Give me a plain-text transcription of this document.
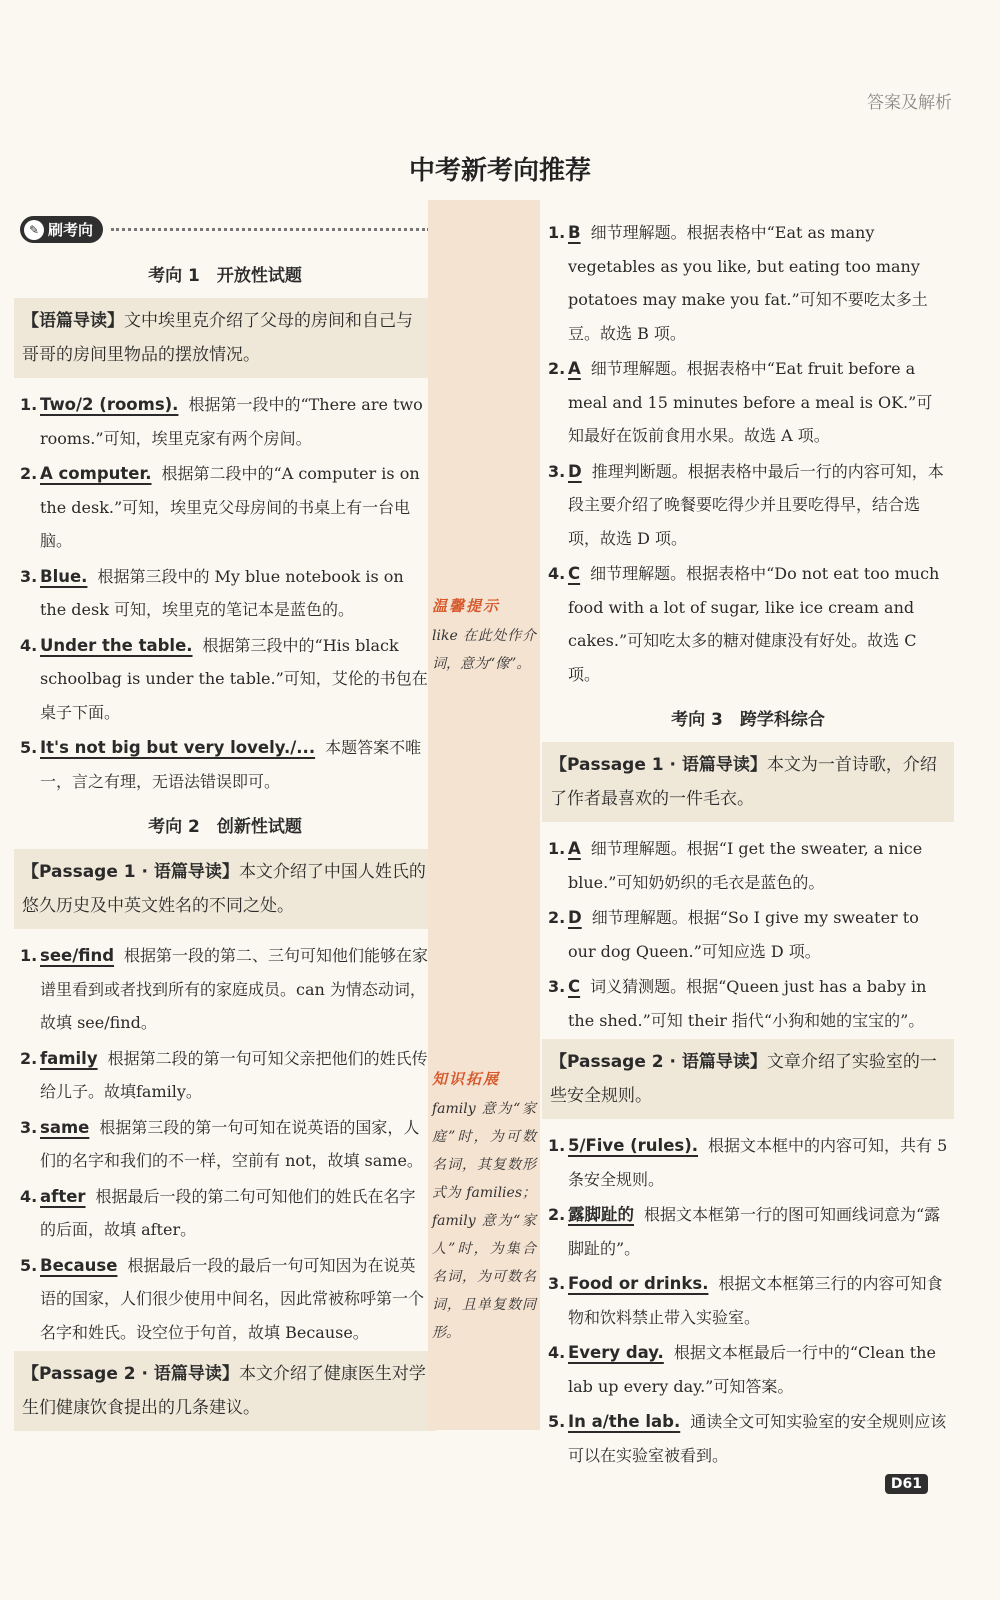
答案及解析
中考新考向推荐
✎ 刷考向
考向 1　开放性试题
【语篇导读】文中埃里克介绍了父母的房间和自己与哥哥的房间里物品的摆放情况。
1. Two/2 (rooms). 根据第一段中的“There are two rooms.”可知，埃里克家有两个房间。
2. A computer. 根据第二段中的“A computer is on the desk.”可知，埃里克父母房间的书桌上有一台电脑。
3. Blue. 根据第三段中的 My blue notebook is on the desk 可知，埃里克的笔记本是蓝色的。
4. Under the table. 根据第三段中的“His black schoolbag is under the table.”可知，艾伦的书包在桌子下面。
5. It's not big but very lovely./... 本题答案不唯一，言之有理，无语法错误即可。
考向 2　创新性试题
【Passage 1 · 语篇导读】本文介绍了中国人姓氏的悠久历史及中英文姓名的不同之处。
1. see/find 根据第一段的第二、三句可知他们能够在家谱里看到或者找到所有的家庭成员。can 为情态动词，故填 see/find。
2. family 根据第二段的第一句可知父亲把他们的姓氏传给儿子。故填family。
3. same 根据第三段的第一句可知在说英语的国家，人们的名字和我们的不一样，空前有 not，故填 same。
4. after 根据最后一段的第二句可知他们的姓氏在名字的后面，故填 after。
5. Because 根据最后一段的最后一句可知因为在说英语的国家，人们很少使用中间名，因此常被称呼第一个名字和姓氏。设空位于句首，故填 Because。
【Passage 2 · 语篇导读】本文介绍了健康医生对学生们健康饮食提出的几条建议。
温馨提示
like 在此处作介词，意为“像”。
知识拓展
family 意为“家庭”时，为可数名词，其复数形式为 families；family 意为“家人”时，为集合名词，为可数名词，且单复数同形。
1. B 细节理解题。根据表格中“Eat as many vegetables as you like, but eating too many potatoes may make you fat.”可知不要吃太多土豆。故选 B 项。
2. A 细节理解题。根据表格中“Eat fruit before a meal and 15 minutes before a meal is OK.”可知最好在饭前食用水果。故选 A 项。
3. D 推理判断题。根据表格中最后一行的内容可知，本段主要介绍了晚餐要吃得少并且要吃得早，结合选项，故选 D 项。
4. C 细节理解题。根据表格中“Do not eat too much food with a lot of sugar, like ice cream and cakes.”可知吃太多的糖对健康没有好处。故选 C 项。
考向 3　跨学科综合
【Passage 1 · 语篇导读】本文为一首诗歌，介绍了作者最喜欢的一件毛衣。
1. A 细节理解题。根据“I get the sweater, a nice blue.”可知奶奶织的毛衣是蓝色的。
2. D 细节理解题。根据“So I give my sweater to our dog Queen.”可知应选 D 项。
3. C 词义猜测题。根据“Queen just has a baby in the shed.”可知 their 指代“小狗和她的宝宝的”。
【Passage 2 · 语篇导读】文章介绍了实验室的一些安全规则。
1. 5/Five (rules). 根据文本框中的内容可知，共有 5 条安全规则。
2. 露脚趾的 根据文本框第一行的图可知画线词意为“露脚趾的”。
3. Food or drinks. 根据文本框第三行的内容可知食物和饮料禁止带入实验室。
4. Every day. 根据文本框最后一行中的“Clean the lab up every day.”可知答案。
5. In a/the lab. 通读全文可知实验室的安全规则应该可以在实验室被看到。
D61
